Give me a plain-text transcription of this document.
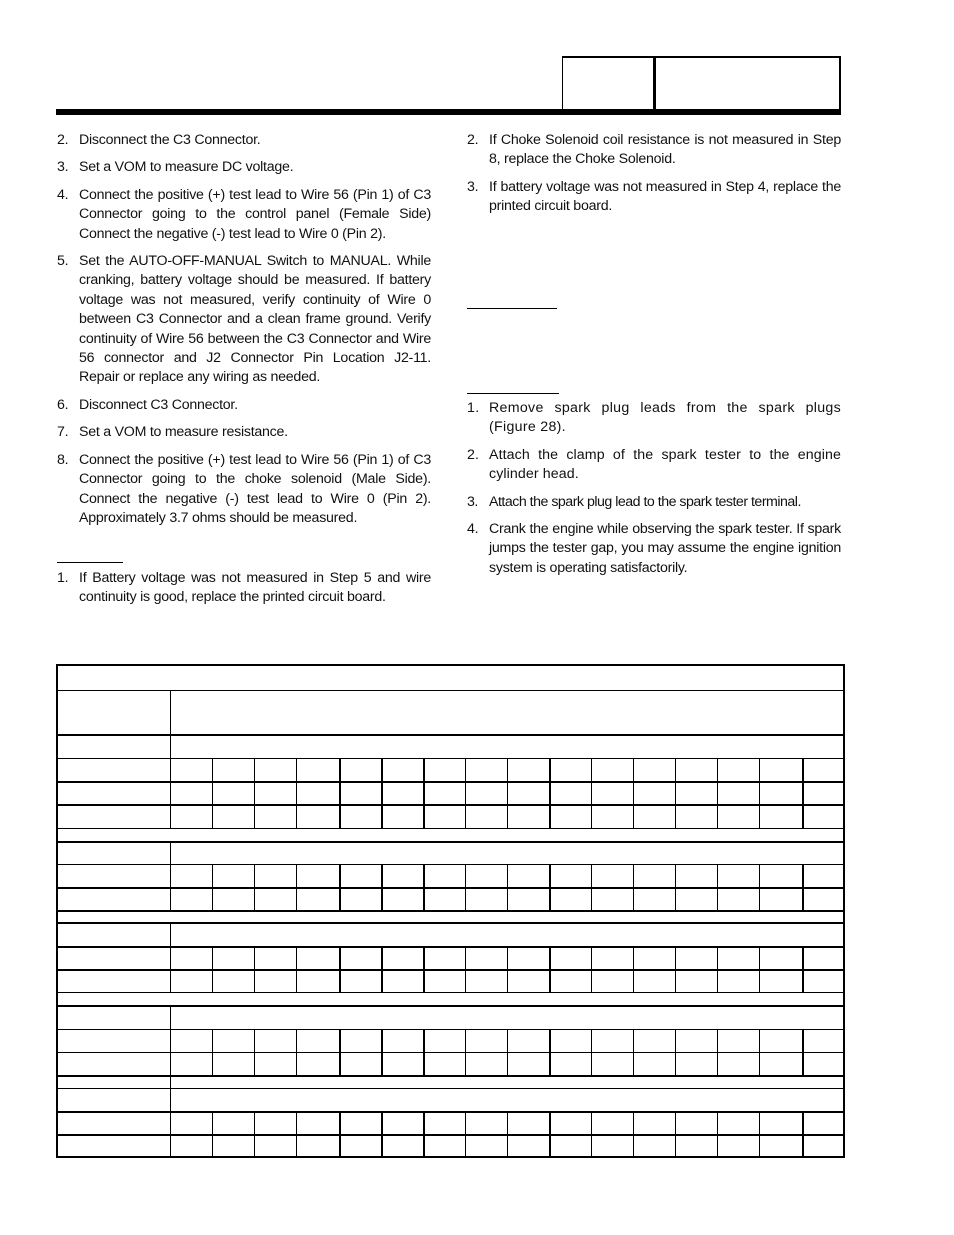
2. Disconnect the C3 Connector.

3. Set a VOM to measure DC voltage.

4. Connect the positive (+) test lead to Wire 56 (Pin 1) of C3 Connector going to the control panel (Female Side) Connect the negative (-) test lead to Wire 0 (Pin 2).

5. Set the AUTO-OFF-MANUAL Switch to MANUAL. While cranking, battery voltage should be measured. If battery voltage was not measured, verify continuity of Wire 0 between C3 Connector and a clean frame ground. Verify continuity of Wire 56 between the C3 Connector and Wire 56 connector and J2 Connector Pin Location J2-11. Repair or replace any wiring as needed.

6. Disconnect C3 Connector.

7. Set a VOM to measure resistance.

8. Connect the positive (+) test lead to Wire 56 (Pin 1) of C3 Connector going to the choke solenoid (Male Side). Connect the negative (-) test lead to Wire 0 (Pin 2). Approximately 3.7 ohms should be measured.

1. If Battery voltage was not measured in Step 5 and wire continuity is good, replace the printed circuit board.

2. If Choke Solenoid coil resistance is not measured in Step 8, replace the Choke Solenoid.

3. If battery voltage was not measured in Step 4, replace the printed circuit board.

1. Remove spark plug leads from the spark plugs (Figure 28).

2. Attach the clamp of the spark tester to the engine cylinder head.

3. Attach the spark plug lead to the spark tester terminal.

4. Crank the engine while observing the spark tester. If spark jumps the tester gap, you may assume the engine ignition system is operating satisfactorily.
